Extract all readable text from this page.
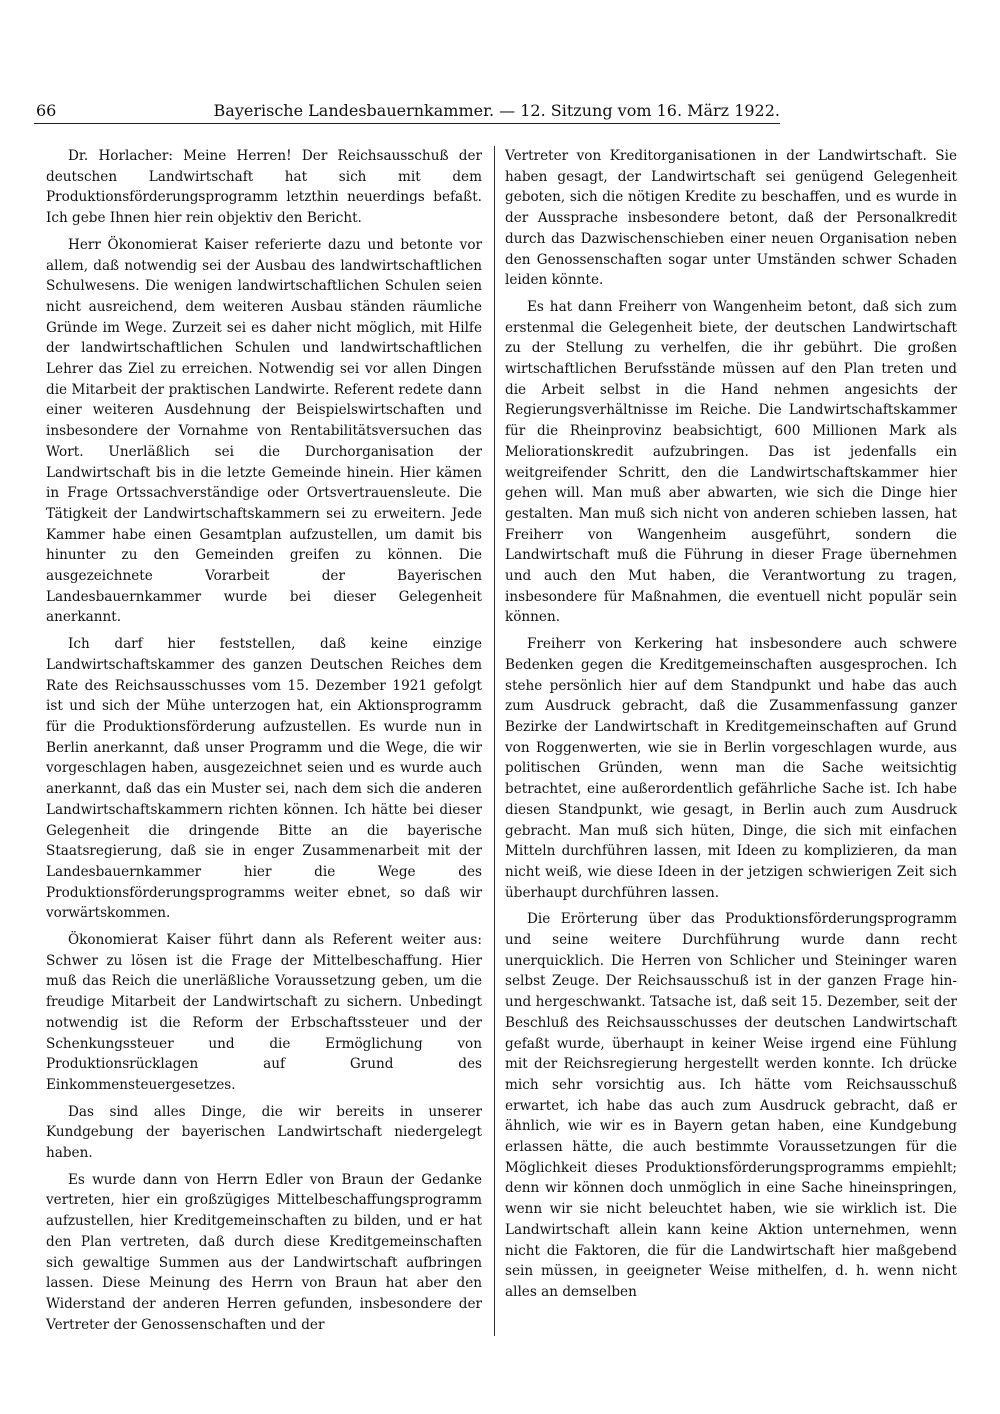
66	Bayerische Landesbauernkammer. — 12. Sitzung vom 16. März 1922.

Dr. Horlacher: Meine Herren! Der Reichsausschuß der deutschen Landwirtschaft hat sich mit dem Produktionsförderungsprogramm letzthin neuerdings befaßt. Ich gebe Ihnen hier rein objektiv den Bericht.

Herr Ökonomierat Kaiser referierte dazu und betonte vor allem, daß notwendig sei der Ausbau des landwirtschaftlichen Schulwesens. Die wenigen landwirtschaftlichen Schulen seien nicht ausreichend, dem weiteren Ausbau ständen räumliche Gründe im Wege. Zurzeit sei es daher nicht möglich, mit Hilfe der landwirtschaftlichen Schulen und landwirtschaftlichen Lehrer das Ziel zu erreichen. Notwendig sei vor allen Dingen die Mitarbeit der praktischen Landwirte. Referent redete dann einer weiteren Ausdehnung der Beispielswirtschaften und insbesondere der Vornahme von Rentabilitätsversuchen das Wort. Unerläßlich sei die Durchorganisation der Landwirtschaft bis in die letzte Gemeinde hinein. Hier kämen in Frage Ortssachverständige oder Ortsvertrauensleute. Die Tätigkeit der Landwirtschaftskammern sei zu erweitern. Jede Kammer habe einen Gesamtplan aufzustellen, um damit bis hinunter zu den Gemeinden greifen zu können. Die ausgezeichnete Vorarbeit der Bayerischen Landesbauernkammer wurde bei dieser Gelegenheit anerkannt.

Ich darf hier feststellen, daß keine einzige Landwirtschaftskammer des ganzen Deutschen Reiches dem Rate des Reichsausschusses vom 15. Dezember 1921 gefolgt ist und sich der Mühe unterzogen hat, ein Aktionsprogramm für die Produktionsförderung aufzustellen. Es wurde nun in Berlin anerkannt, daß unser Programm und die Wege, die wir vorgeschlagen haben, ausgezeichnet seien und es wurde auch anerkannt, daß das ein Muster sei, nach dem sich die anderen Landwirtschaftskammern richten können. Ich hätte bei dieser Gelegenheit die dringende Bitte an die bayerische Staatsregierung, daß sie in enger Zusammenarbeit mit der Landesbauernkammer hier die Wege des Produktionsförderungsprogramms weiter ebnet, so daß wir vorwärtskommen.

Ökonomierat Kaiser führt dann als Referent weiter aus: Schwer zu lösen ist die Frage der Mittelbeschaffung. Hier muß das Reich die unerläßliche Voraussetzung geben, um die freudige Mitarbeit der Landwirtschaft zu sichern. Unbedingt notwendig ist die Reform der Erbschaftssteuer und der Schenkungssteuer und die Ermöglichung von Produktionsrücklagen auf Grund des Einkommensteuergesetzes.

Das sind alles Dinge, die wir bereits in unserer Kundgebung der bayerischen Landwirtschaft niedergelegt haben.

Es wurde dann von Herrn Edler von Braun der Gedanke vertreten, hier ein großzügiges Mittelbeschaffungsprogramm aufzustellen, hier Kreditgemeinschaften zu bilden, und er hat den Plan vertreten, daß durch diese Kreditgemeinschaften sich gewaltige Summen aus der Landwirtschaft aufbringen lassen. Diese Meinung des Herrn von Braun hat aber den Widerstand der anderen Herren gefunden, insbesondere der Vertreter der Genossenschaften und der

Vertreter von Kreditorganisationen in der Landwirtschaft. Sie haben gesagt, der Landwirtschaft sei genügend Gelegenheit geboten, sich die nötigen Kredite zu beschaffen, und es wurde in der Aussprache insbesondere betont, daß der Personalkredit durch das Dazwischenschieben einer neuen Organisation neben den Genossenschaften sogar unter Umständen schwer Schaden leiden könnte.

Es hat dann Freiherr von Wangenheim betont, daß sich zum erstenmal die Gelegenheit biete, der deutschen Landwirtschaft zu der Stellung zu verhelfen, die ihr gebührt. Die großen wirtschaftlichen Berufsstände müssen auf den Plan treten und die Arbeit selbst in die Hand nehmen angesichts der Regierungsverhältnisse im Reiche. Die Landwirtschaftskammer für die Rheinprovinz beabsichtigt, 600 Millionen Mark als Meliorationskredit aufzubringen. Das ist jedenfalls ein weitgreifender Schritt, den die Landwirtschaftskammer hier gehen will. Man muß aber abwarten, wie sich die Dinge hier gestalten. Man muß sich nicht von anderen schieben lassen, hat Freiherr von Wangenheim ausgeführt, sondern die Landwirtschaft muß die Führung in dieser Frage übernehmen und auch den Mut haben, die Verantwortung zu tragen, insbesondere für Maßnahmen, die eventuell nicht populär sein können.

Freiherr von Kerkering hat insbesondere auch schwere Bedenken gegen die Kreditgemeinschaften ausgesprochen. Ich stehe persönlich hier auf dem Standpunkt und habe das auch zum Ausdruck gebracht, daß die Zusammenfassung ganzer Bezirke der Landwirtschaft in Kreditgemeinschaften auf Grund von Roggenwerten, wie sie in Berlin vorgeschlagen wurde, aus politischen Gründen, wenn man die Sache weitsichtig betrachtet, eine außerordentlich gefährliche Sache ist. Ich habe diesen Standpunkt, wie gesagt, in Berlin auch zum Ausdruck gebracht. Man muß sich hüten, Dinge, die sich mit einfachen Mitteln durchführen lassen, mit Ideen zu komplizieren, da man nicht weiß, wie diese Ideen in der jetzigen schwierigen Zeit sich überhaupt durchführen lassen.

Die Erörterung über das Produktionsförderungsprogramm und seine weitere Durchführung wurde dann recht unerquicklich. Die Herren von Schlicher und Steininger waren selbst Zeuge. Der Reichsausschuß ist in der ganzen Frage hin- und hergeschwankt. Tatsache ist, daß seit 15. Dezember, seit der Beschluß des Reichsausschusses der deutschen Landwirtschaft gefaßt wurde, überhaupt in keiner Weise irgend eine Fühlung mit der Reichsregierung hergestellt werden konnte. Ich drücke mich sehr vorsichtig aus. Ich hätte vom Reichsausschuß erwartet, ich habe das auch zum Ausdruck gebracht, daß er ähnlich, wie wir es in Bayern getan haben, eine Kundgebung erlassen hätte, die auch bestimmte Voraussetzungen für die Möglichkeit dieses Produktionsförderungsprogramms empiehlt; denn wir können doch unmöglich in eine Sache hineinspringen, wenn wir sie nicht beleuchtet haben, wie sie wirklich ist. Die Landwirtschaft allein kann keine Aktion unternehmen, wenn nicht die Faktoren, die für die Landwirtschaft hier maßgebend sein müssen, in geeigneter Weise mithelfen, d. h. wenn nicht alles an demselben
